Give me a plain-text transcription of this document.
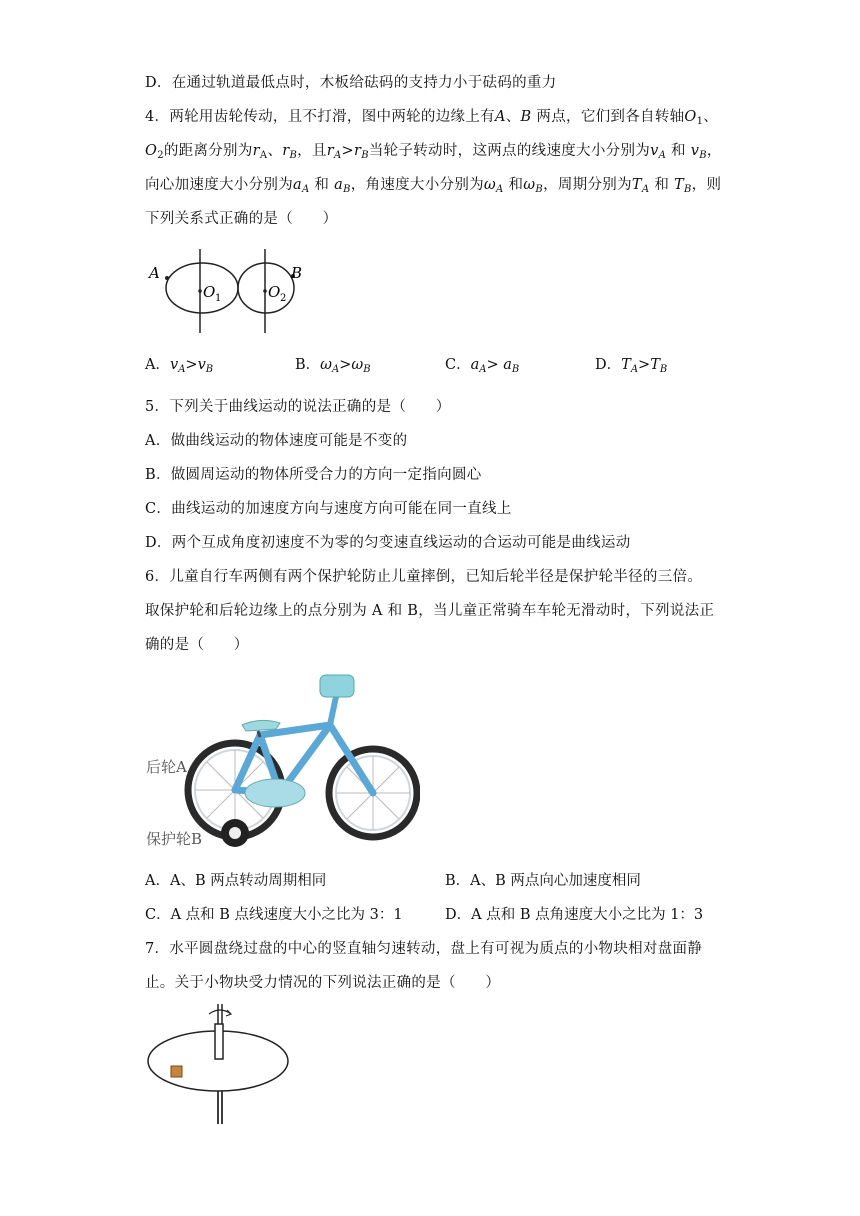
D．在通过轨道最低点时，木板给砝码的支持力小于砝码的重力
4．两轮用齿轮传动，且不打滑，图中两轮的边缘上有A、B 两点，它们到各自转轴$O_1$、
$O_2$的距离分别为$r_A$、$r_B$，且$r_A>r_B$当轮子转动时，这两点的线速度大小分别为$v_A$ 和 $v_B$，
向心加速度大小分别为$a_A$ 和 $a_B$，角速度大小分别为$\omega_A$ 和$\omega_B$，周期分别为$T_A$ 和 $T_B$，则
下列关系式正确的是（　　）
A	B
O 1	O 2
A．$v_A>v_B$	B．$\omega_A>\omega_B$	C．$a_A> a_B$	D．$T_A>T_B$
5．下列关于曲线运动的说法正确的是（　　）
A．做曲线运动的物体速度可能是不变的
B．做圆周运动的物体所受合力的方向一定指向圆心
C．曲线运动的加速度方向与速度方向可能在同一直线上
D．两个互成角度初速度不为零的匀变速直线运动的合运动可能是曲线运动
6．儿童自行车两侧有两个保护轮防止儿童摔倒，已知后轮半径是保护轮半径的三倍。
取保护轮和后轮边缘上的点分别为 A 和 B，当儿童正常骑车车轮无滑动时，下列说法正
确的是（　　）
后轮A
保护轮B
A．A、B 两点转动周期相同	B．A、B 两点向心加速度相同
C．A 点和 B 点线速度大小之比为 3：1	D．A 点和 B 点角速度大小之比为 1：3
7．水平圆盘绕过盘的中心的竖直轴匀速转动，盘上有可视为质点的小物块相对盘面静
止。关于小物块受力情况的下列说法正确的是（　　）
